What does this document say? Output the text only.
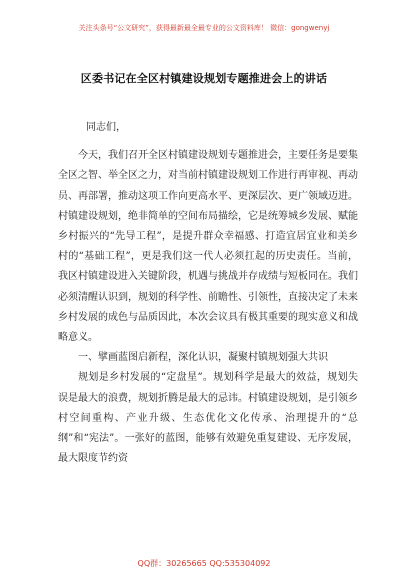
关注头条号“公文研究”，获得最新最全最专业的公文资料库！ 微信：gongwenyj
区委书记在全区村镇建设规划专题推进会上的讲话

同志们，

今天，我们召开全区村镇建设规划专题推进会，主要任务是要集全区之智、举全区之力，对当前村镇建设规划工作进行再审视、再动员、再部署，推动这项工作向更高水平、更深层次、更广领域迈进。村镇建设规划，绝非简单的空间布局描绘，它是统筹城乡发展、赋能乡村振兴的“先导工程”，是提升群众幸福感、打造宜居宜业和美乡村的“基础工程”，更是我们这一代人必须扛起的历史责任。当前，我区村镇建设进入关键阶段，机遇与挑战并存成绩与短板同在。我们必须清醒认识到，规划的科学性、前瞻性、引领性，直接决定了未来乡村发展的成色与品质因此，本次会议具有极其重要的现实意义和战略意义。

一、擘画蓝图启新程，深化认识，凝聚村镇规划强大共识

规划是乡村发展的“定盘星”。规划科学是最大的效益，规划失误是最大的浪费，规划折腾是最大的忌讳。村镇建设规划，是引领乡村空间重构、产业升级、生态优化文化传承、治理提升的“总纲”和“宪法”。一张好的蓝图，能够有效避免重复建设、无序发展，最大限度节约资

QQ群：30265665 QQ:535304092
